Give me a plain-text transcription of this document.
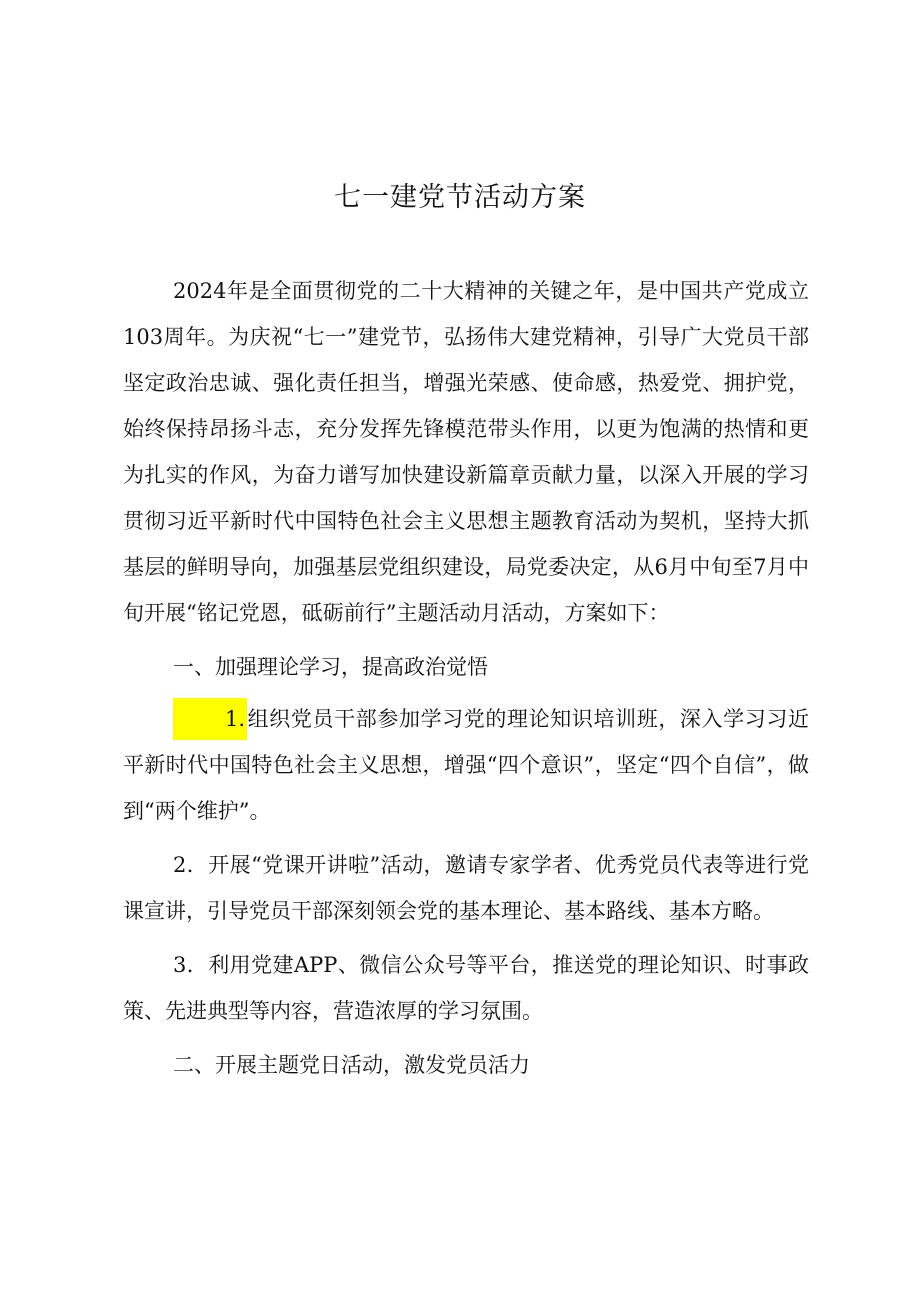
七一建党节活动方案

2024年是全面贯彻党的二十大精神的关键之年，是中国共产党成立103周年。为庆祝“七一”建党节，弘扬伟大建党精神，引导广大党员干部坚定政治忠诚、强化责任担当，增强光荣感、使命感，热爱党、拥护党，始终保持昂扬斗志，充分发挥先锋模范带头作用，以更为饱满的热情和更为扎实的作风，为奋力谱写加快建设新篇章贡献力量，以深入开展的学习贯彻习近平新时代中国特色社会主义思想主题教育活动为契机，坚持大抓基层的鲜明导向，加强基层党组织建设，局党委决定，从6月中旬至7月中旬开展“铭记党恩，砥砺前行”主题活动月活动，方案如下：

一、加强理论学习，提高政治觉悟

1.组织党员干部参加学习党的理论知识培训班，深入学习习近平新时代中国特色社会主义思想，增强“四个意识”，坚定“四个自信”，做到“两个维护”。

2．开展“党课开讲啦”活动，邀请专家学者、优秀党员代表等进行党课宣讲，引导党员干部深刻领会党的基本理论、基本路线、基本方略。

3．利用党建APP、微信公众号等平台，推送党的理论知识、时事政策、先进典型等内容，营造浓厚的学习氛围。

二、开展主题党日活动，激发党员活力
